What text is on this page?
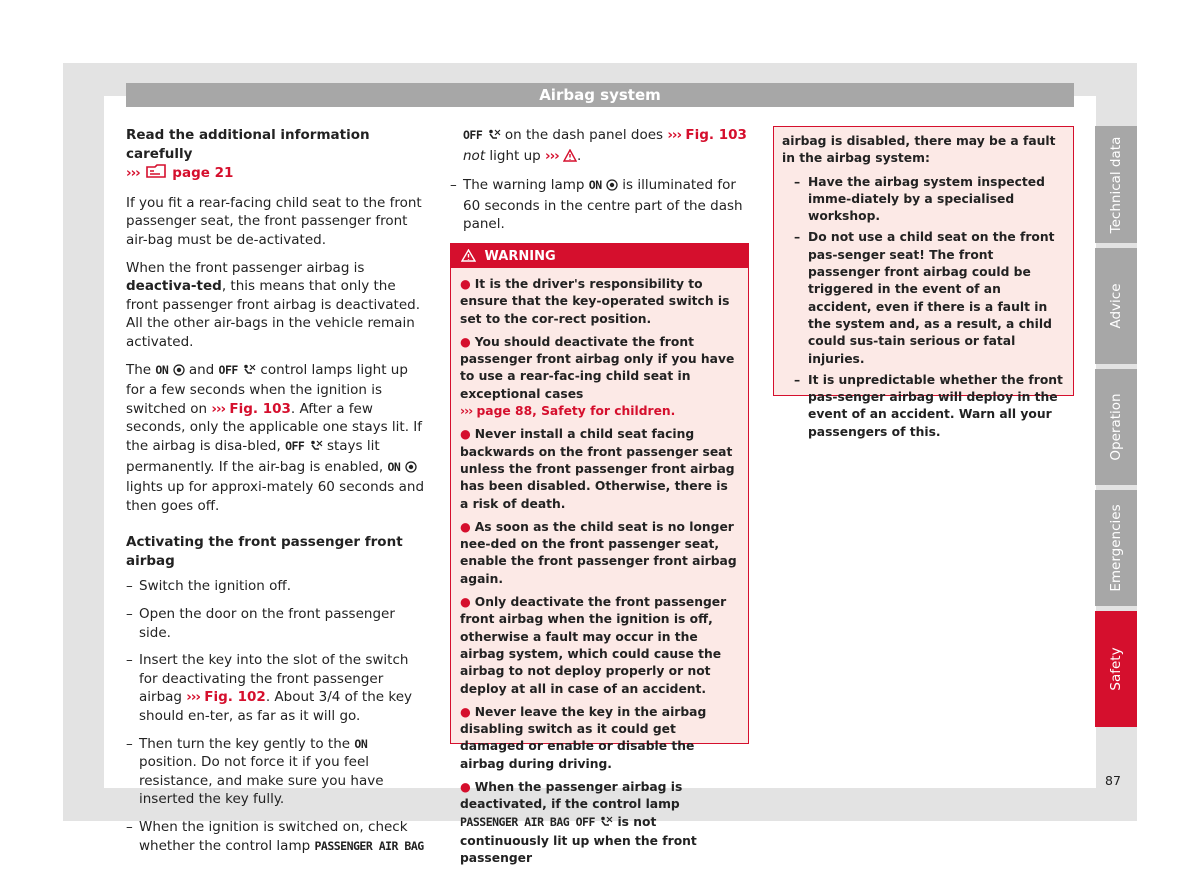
Airbag system

Read the additional information carefully
››› page 21

If you fit a rear-facing child seat to the front passenger seat, the front passenger front air-bag must be de-activated.

When the front passenger airbag is deactiva-ted, this means that only the front passenger front airbag is deactivated. All the other air-bags in the vehicle remain activated.

The ON  and OFF  control lamps light up for a few seconds when the ignition is switched on ››› Fig. 103. After a few seconds, only the applicable one stays lit. If the airbag is disa-bled, OFF  stays lit permanently. If the air-bag is enabled, ON  lights up for approxi-mately 60 seconds and then goes off.

Activating the front passenger front airbag
– Switch the ignition off.
– Open the door on the front passenger side.
– Insert the key into the slot of the switch for deactivating the front passenger airbag ››› Fig. 102. About 3/4 of the key should en-ter, as far as it will go.
– Then turn the key gently to the ON position. Do not force it if you feel resistance, and make sure you have inserted the key fully.
– When the ignition is switched on, check whether the control lamp PASSENGER AIR BAG

OFF  on the dash panel does ››› Fig. 103
not light up ››› .

– The warning lamp ON  is illuminated for 60 seconds in the centre part of the dash panel.
WARNING
● It is the driver's responsibility to ensure that the key-operated switch is set to the cor-rect position.
● You should deactivate the front passenger front airbag only if you have to use a rear-fac-ing child seat in exceptional cases
››› page 88, Safety for children.
● Never install a child seat facing backwards on the front passenger seat unless the front passenger front airbag has been disabled. Otherwise, there is a risk of death.
● As soon as the child seat is no longer nee-ded on the front passenger seat, enable the front passenger front airbag again.
● Only deactivate the front passenger front airbag when the ignition is off, otherwise a fault may occur in the airbag system, which could cause the airbag to not deploy properly or not deploy at all in case of an accident.
● Never leave the key in the airbag disabling switch as it could get damaged or enable or disable the airbag during driving.
● When the passenger airbag is deactivated, if the control lamp PASSENGER AIR BAG OFF  is not continuously lit up when the front passenger

airbag is disabled, there may be a fault in the airbag system:

– Have the airbag system inspected imme-diately by a specialised workshop.
– Do not use a child seat on the front pas-senger seat! The front passenger front airbag could be triggered in the event of an accident, even if there is a fault in the system and, as a result, a child could sus-tain serious or fatal injuries.
– It is unpredictable whether the front pas-senger airbag will deploy in the event of an accident. Warn all your passengers of this.
Technical data
Advice
Operation
Emergencies
Safety
87
